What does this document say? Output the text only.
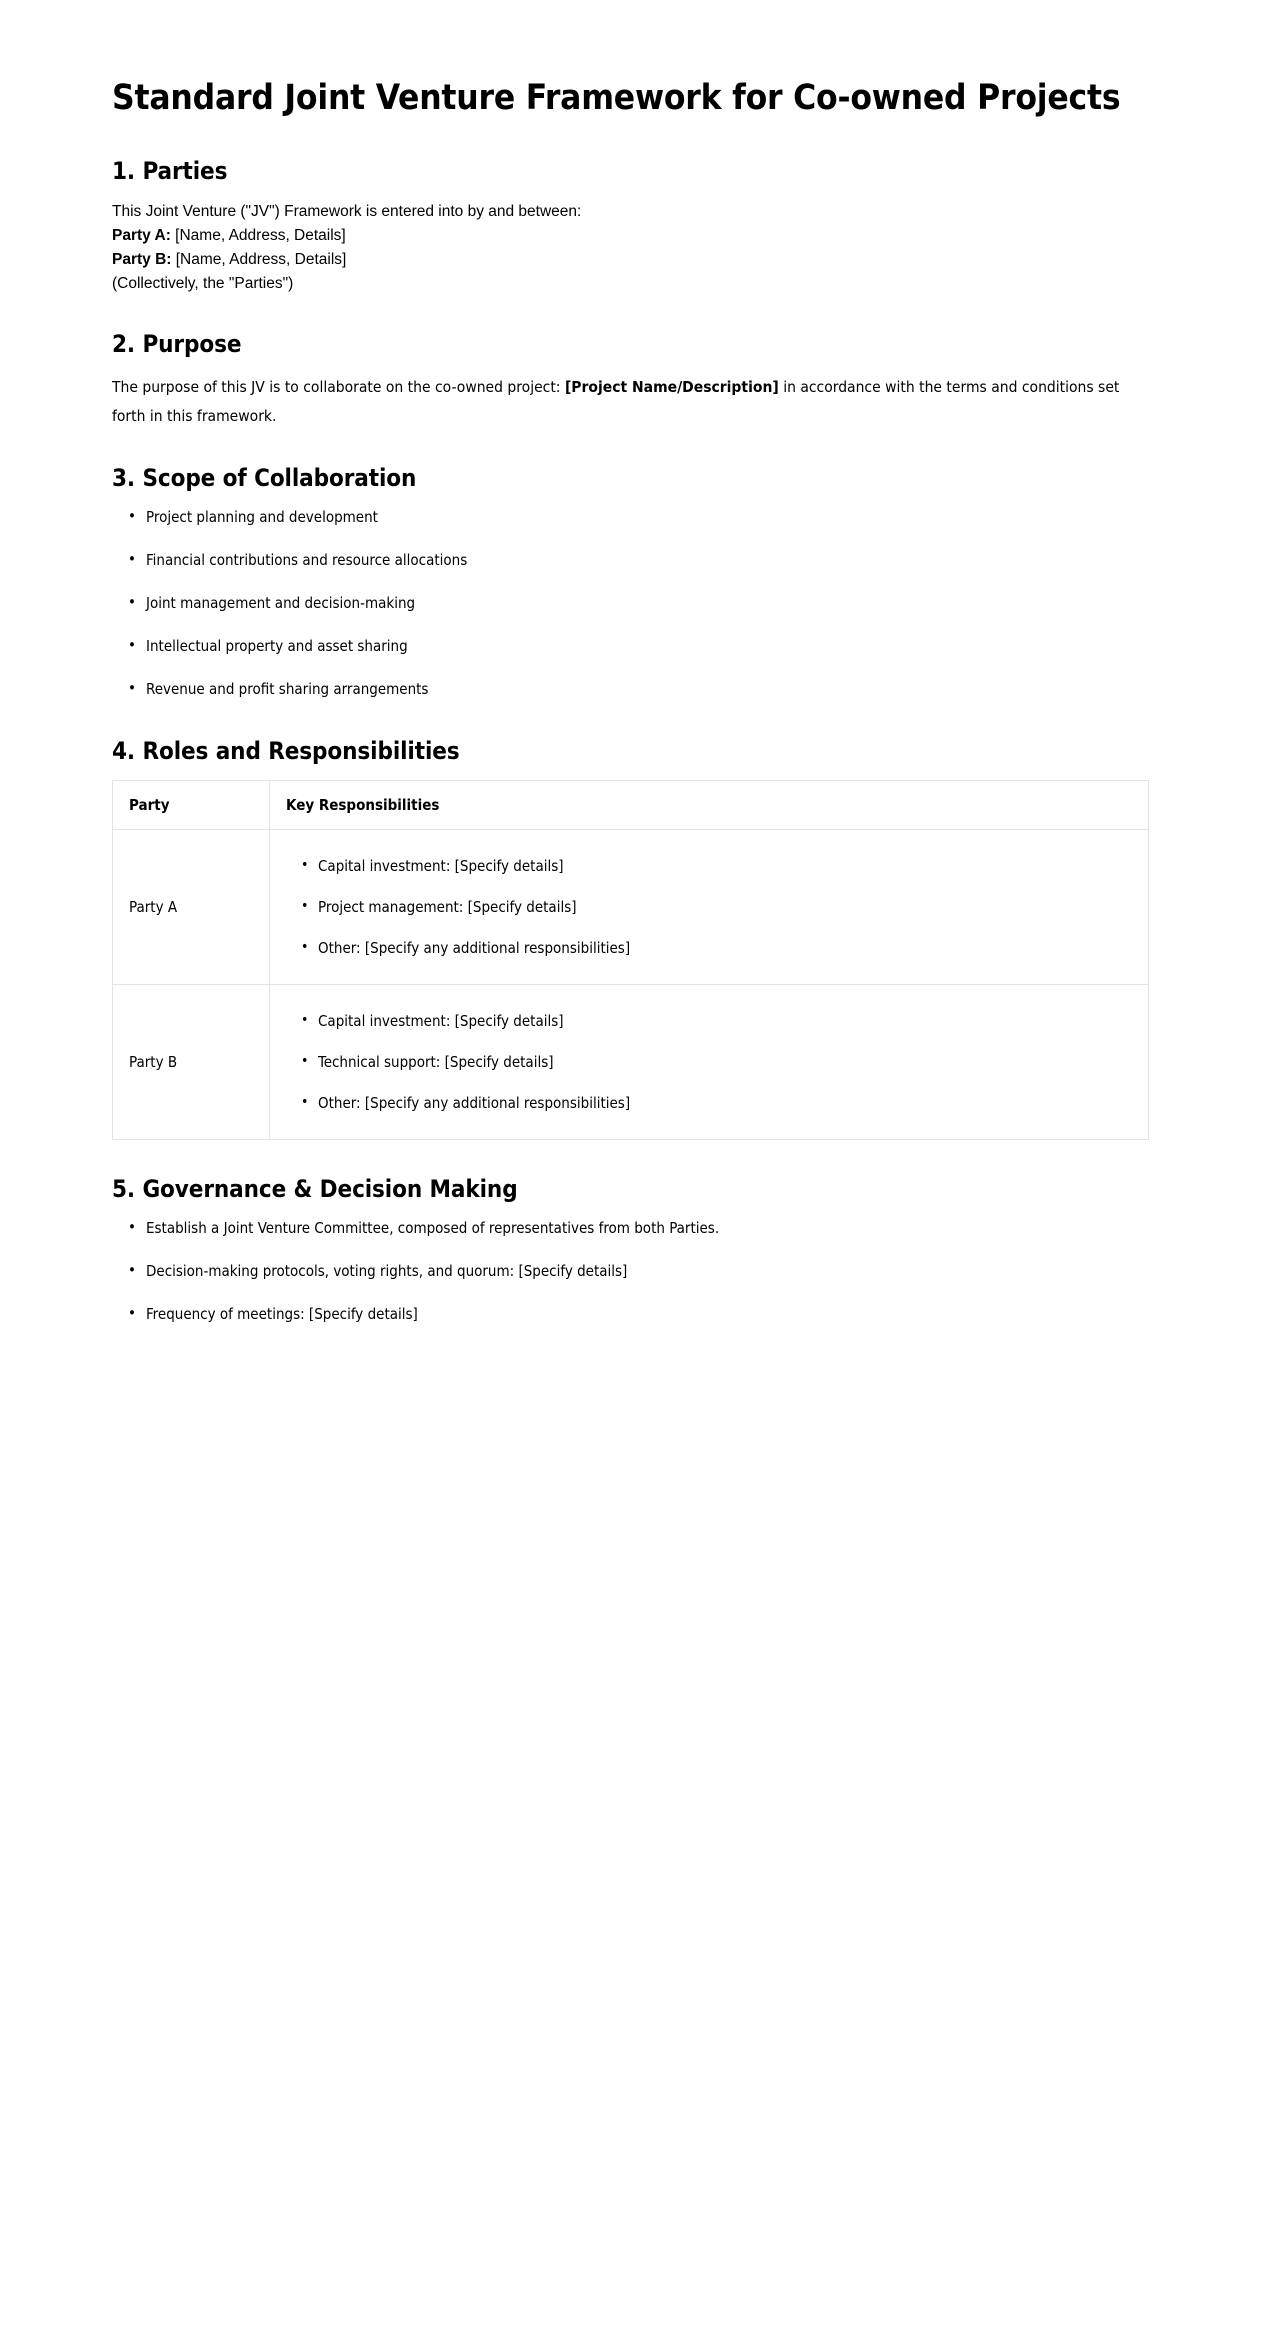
Standard Joint Venture Framework for Co-owned Projects
1. Parties

This Joint Venture ("JV") Framework is entered into by and between:

Party A: [Name, Address, Details]

Party B: [Name, Address, Details]

(Collectively, the "Parties")

2. Purpose

The purpose of this JV is to collaborate on the co-owned project: [Project Name/Description] in accordance with the terms and conditions set forth in this framework.

3. Scope of Collaboration
• Project planning and development
• Financial contributions and resource allocations
• Joint management and decision-making
• Intellectual property and asset sharing
• Revenue and profit sharing arrangements
4. Roles and Responsibilities
Party	Key Responsibilities
Party A	
• Capital investment: [Specify details]
• Project management: [Specify details]
• Other: [Specify any additional responsibilities]

Party B	
• Capital investment: [Specify details]
• Technical support: [Specify details]
• Other: [Specify any additional responsibilities]
5. Governance & Decision Making
• Establish a Joint Venture Committee, composed of representatives from both Parties.
• Decision-making protocols, voting rights, and quorum: [Specify details]
• Frequency of meetings: [Specify details]
